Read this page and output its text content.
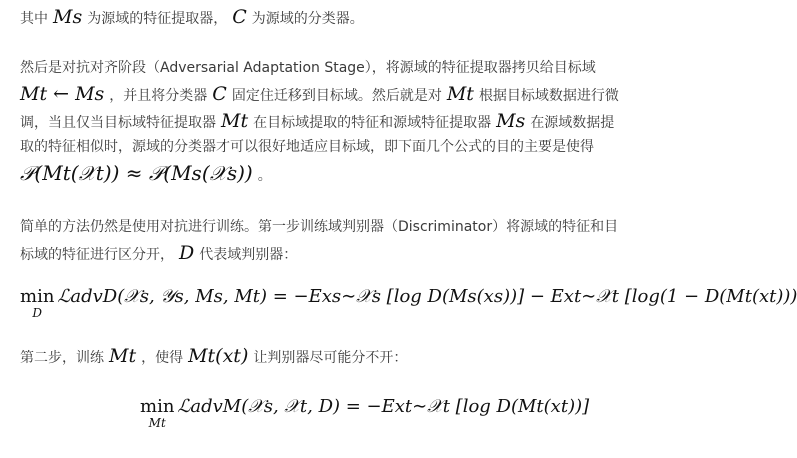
其中 Ms 为源域的特征提取器， C 为源域的分类器。
然后是对抗对齐阶段（Adversarial Adaptation Stage），将源域的特征提取器拷贝给目标域
Mt ← Ms ，并且将分类器 C 固定住迁移到目标域。然后就是对 Mt 根据目标域数据进行微
调，当且仅当目标域特征提取器 Mt 在目标域提取的特征和源域特征提取器 Ms 在源域数据提
取的特征相似时，源域的分类器才可以很好地适应目标域，即下面几个公式的目的主要是使得
𝒫(Mt(𝒳t)) ≈ 𝒫(Ms(𝒳s)) 。
简单的方法仍然是使用对抗进行训练。第一步训练域判别器（Discriminator）将源域的特征和目
标域的特征进行区分开， D 代表域判别器：
min
D
ℒadvD(𝒳s, 𝒴s, Ms, Mt) = −Exs∼𝒳s [log D(Ms(xs))] − Ext∼𝒳t [log(1 − D(Mt(xt)))
第二步，训练 Mt ，使得 Mt(xt) 让判别器尽可能分不开：
min
Mt
ℒadvM(𝒳s, 𝒳t, D) = −Ext∼𝒳t [log D(Mt(xt))]
